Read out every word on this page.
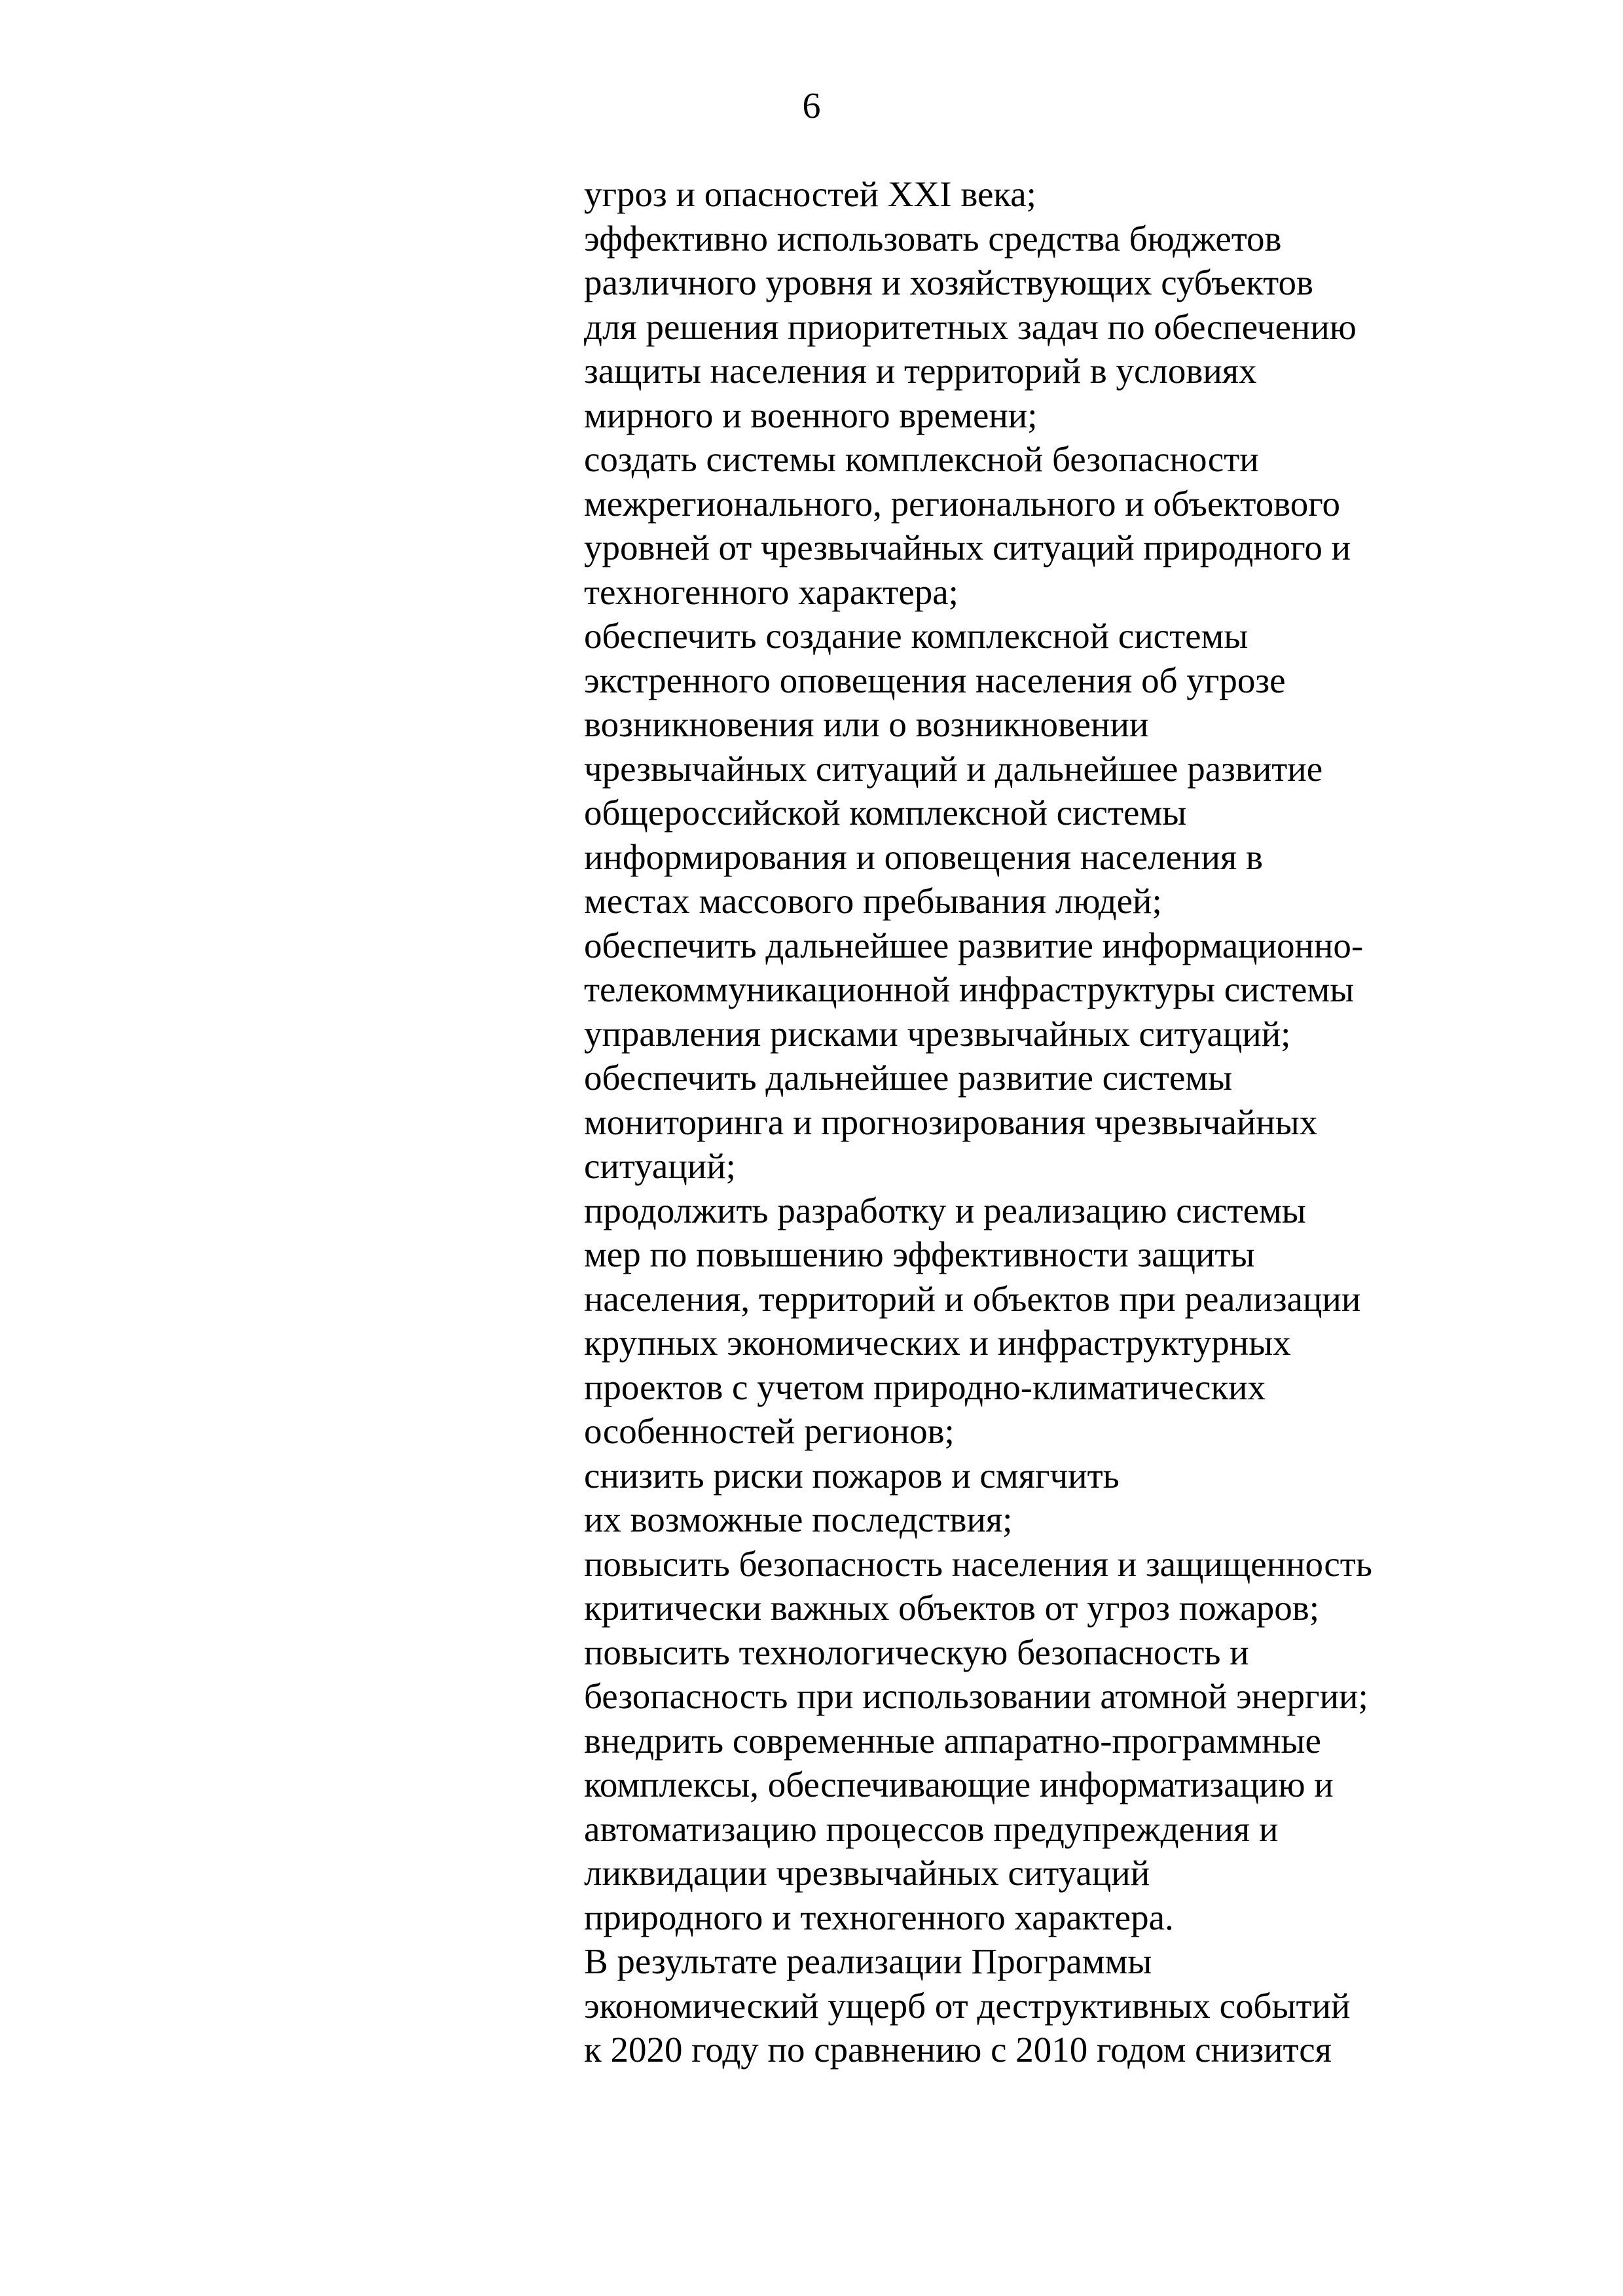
6
угроз и опасностей XXI века;
эффективно использовать средства бюджетов
различного уровня и хозяйствующих субъектов
для решения приоритетных задач по обеспечению
защиты населения и территорий в условиях
мирного и военного времени;
создать системы комплексной безопасности
межрегионального, регионального и объектового
уровней от чрезвычайных ситуаций природного и
техногенного характера;
обеспечить создание комплексной системы
экстренного оповещения населения об угрозе
возникновения или о возникновении
чрезвычайных ситуаций и дальнейшее развитие
общероссийской комплексной системы
информирования и оповещения населения в
местах массового пребывания людей;
обеспечить дальнейшее развитие информационно-
телекоммуникационной инфраструктуры системы
управления рисками чрезвычайных ситуаций;
обеспечить дальнейшее развитие системы
мониторинга и прогнозирования чрезвычайных
ситуаций;
продолжить разработку и реализацию системы
мер по повышению эффективности защиты
населения, территорий и объектов при реализации
крупных экономических и инфраструктурных
проектов с учетом природно-климатических
особенностей регионов;
снизить риски пожаров и смягчить
их возможные последствия;
повысить безопасность населения и защищенность
критически важных объектов от угроз пожаров;
повысить технологическую безопасность и
безопасность при использовании атомной энергии;
внедрить современные аппаратно-программные
комплексы, обеспечивающие информатизацию и
автоматизацию процессов предупреждения и
ликвидации чрезвычайных ситуаций
природного и техногенного характера.
В результате реализации Программы
экономический ущерб от деструктивных событий
к 2020 году по сравнению с 2010 годом снизится
